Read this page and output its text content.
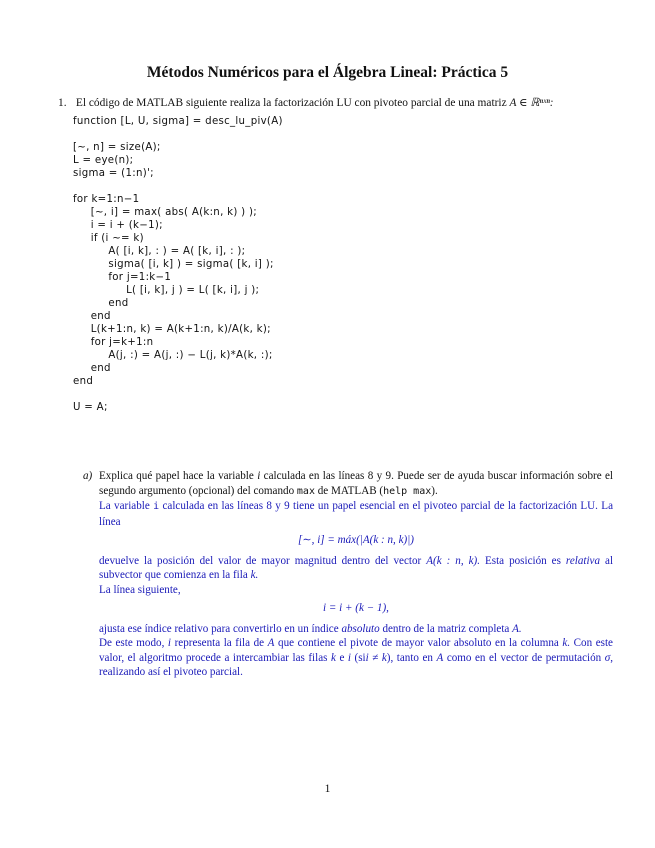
Métodos Numéricos para el Álgebra Lineal: Práctica 5
1. El código de MATLAB siguiente realiza la factorización LU con pivoteo parcial de una matriz A ∈ ℝⁿˣⁿ:
function [L, U, sigma] = desc_lu_piv(A)

[~, n] = size(A);
L = eye(n);
sigma = (1:n)';

for k=1:n−1
[~, i] = max( abs( A(k:n, k) ) );
i = i + (k−1);
if (i ~= k)
A( [i, k], : ) = A( [k, i], : );
sigma( [i, k] ) = sigma( [k, i] );
for j=1:k−1
L( [i, k], j ) = L( [k, i], j );
end
end
L(k+1:n, k) = A(k+1:n, k)/A(k, k);
for j=k+1:n
A(j, :) = A(j, :) − L(j, k)*A(k, :);
end
end

U = A;
a) Explica qué papel hace la variable i calculada en las líneas 8 y 9. Puede ser de ayuda buscar información sobre el segundo argumento (opcional) del comando max de MATLAB (help max).

La variable i calculada en las líneas 8 y 9 tiene un papel esencial en el pivoteo parcial de la factorización LU. La línea

[∼, i] = máx(|A(k : n, k)|)

devuelve la posición del valor de mayor magnitud dentro del vector A(k : n, k). Esta posición es relativa al subvector que comienza en la fila k.

La línea siguiente,

i = i + (k − 1),

ajusta ese índice relativo para convertirlo en un índice absoluto dentro de la matriz completa A.

De este modo, i representa la fila de A que contiene el pivote de mayor valor absoluto en la columna k. Con este valor, el algoritmo procede a intercambiar las filas k e i (sii ≠ k), tanto en A como en el vector de permutación σ, realizando así el pivoteo parcial.

1
